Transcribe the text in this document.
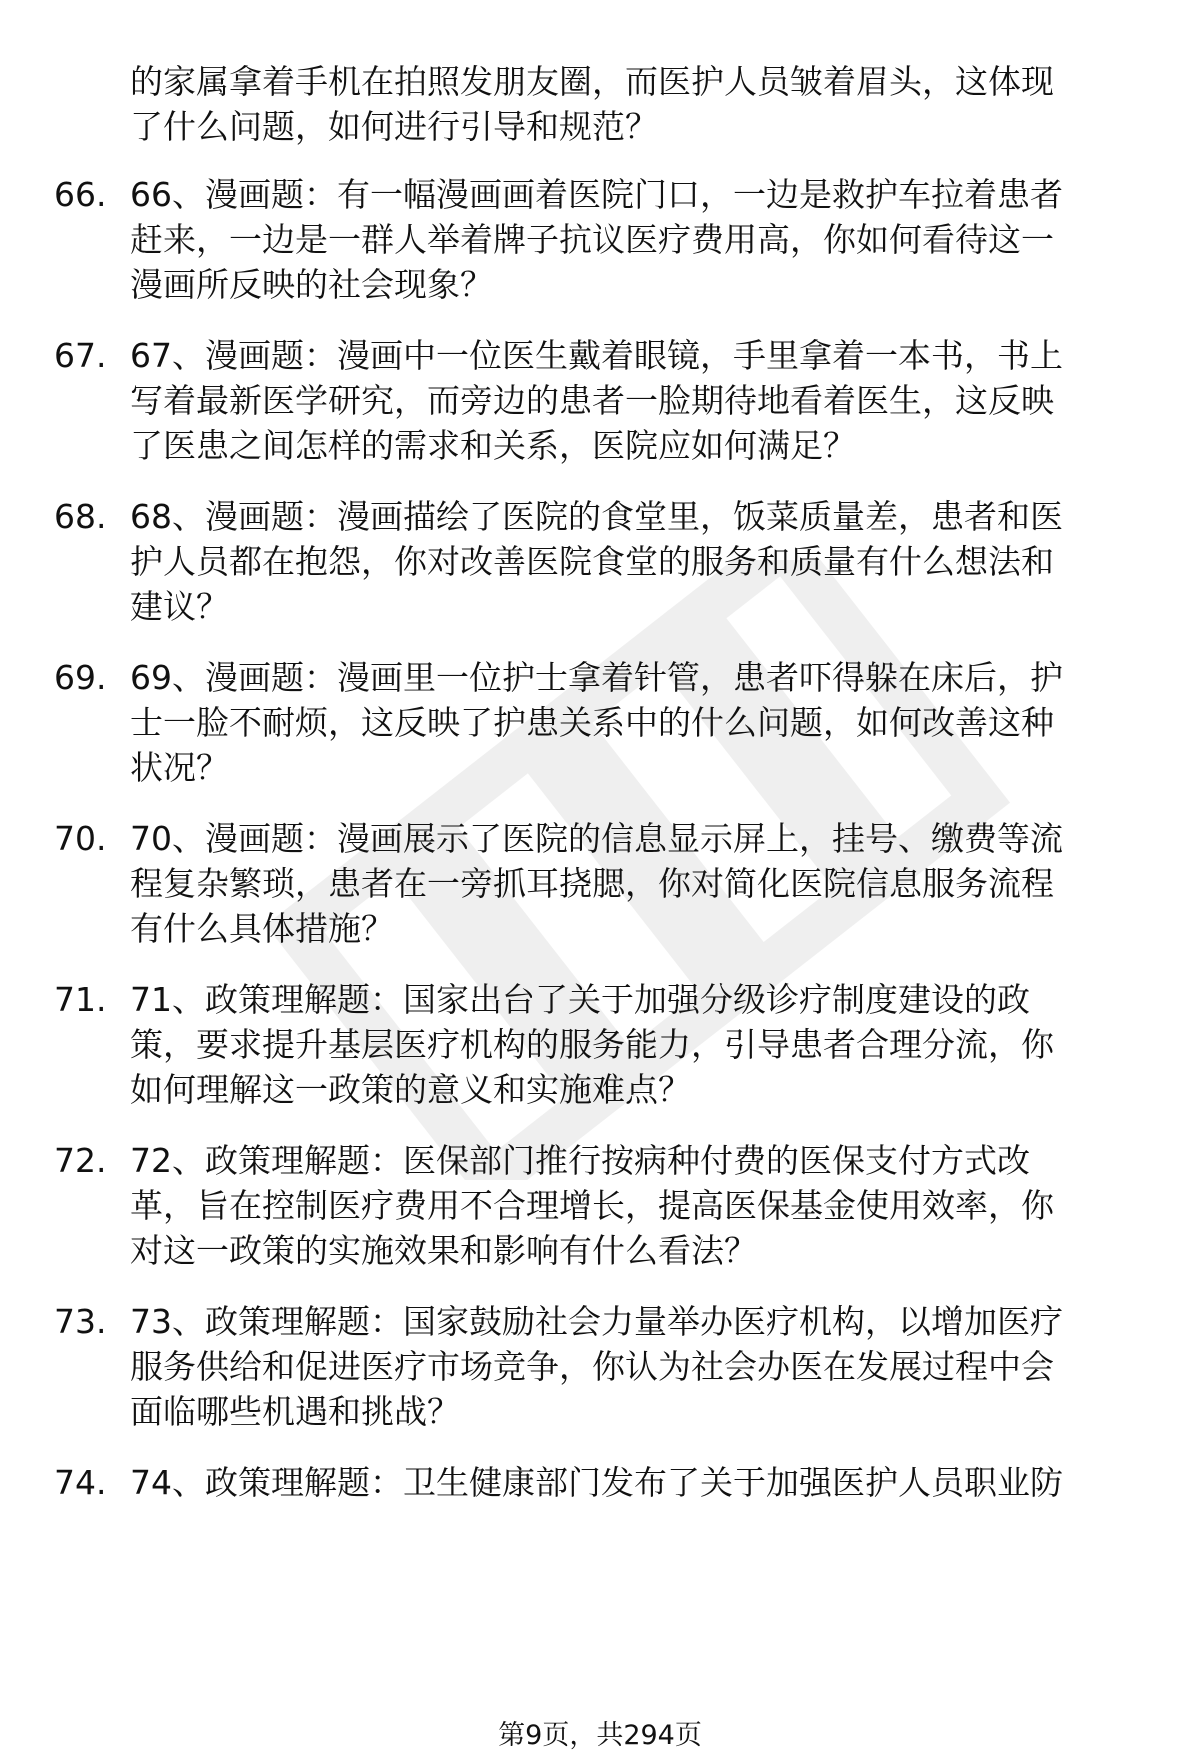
的家属拿着手机在拍照发朋友圈，而医护人员皱着眉头，这体现
了什么问题，如何进行引导和规范？
66. 66、漫画题：有一幅漫画画着医院门口，一边是救护车拉着患者
赶来，一边是一群人举着牌子抗议医疗费用高，你如何看待这一
漫画所反映的社会现象？
67. 67、漫画题：漫画中一位医生戴着眼镜，手里拿着一本书，书上
写着最新医学研究，而旁边的患者一脸期待地看着医生，这反映
了医患之间怎样的需求和关系，医院应如何满足？
68. 68、漫画题：漫画描绘了医院的食堂里，饭菜质量差，患者和医
护人员都在抱怨，你对改善医院食堂的服务和质量有什么想法和
建议？
69. 69、漫画题：漫画里一位护士拿着针管，患者吓得躲在床后，护
士一脸不耐烦，这反映了护患关系中的什么问题，如何改善这种
状况？
70. 70、漫画题：漫画展示了医院的信息显示屏上，挂号、缴费等流
程复杂繁琐，患者在一旁抓耳挠腮，你对简化医院信息服务流程
有什么具体措施？
71. 71、政策理解题：国家出台了关于加强分级诊疗制度建设的政
策，要求提升基层医疗机构的服务能力，引导患者合理分流，你
如何理解这一政策的意义和实施难点？
72. 72、政策理解题：医保部门推行按病种付费的医保支付方式改
革，旨在控制医疗费用不合理增长，提高医保基金使用效率，你
对这一政策的实施效果和影响有什么看法？
73. 73、政策理解题：国家鼓励社会力量举办医疗机构，以增加医疗
服务供给和促进医疗市场竞争，你认为社会办医在发展过程中会
面临哪些机遇和挑战？
74. 74、政策理解题：卫生健康部门发布了关于加强医护人员职业防
第9页，共294页
